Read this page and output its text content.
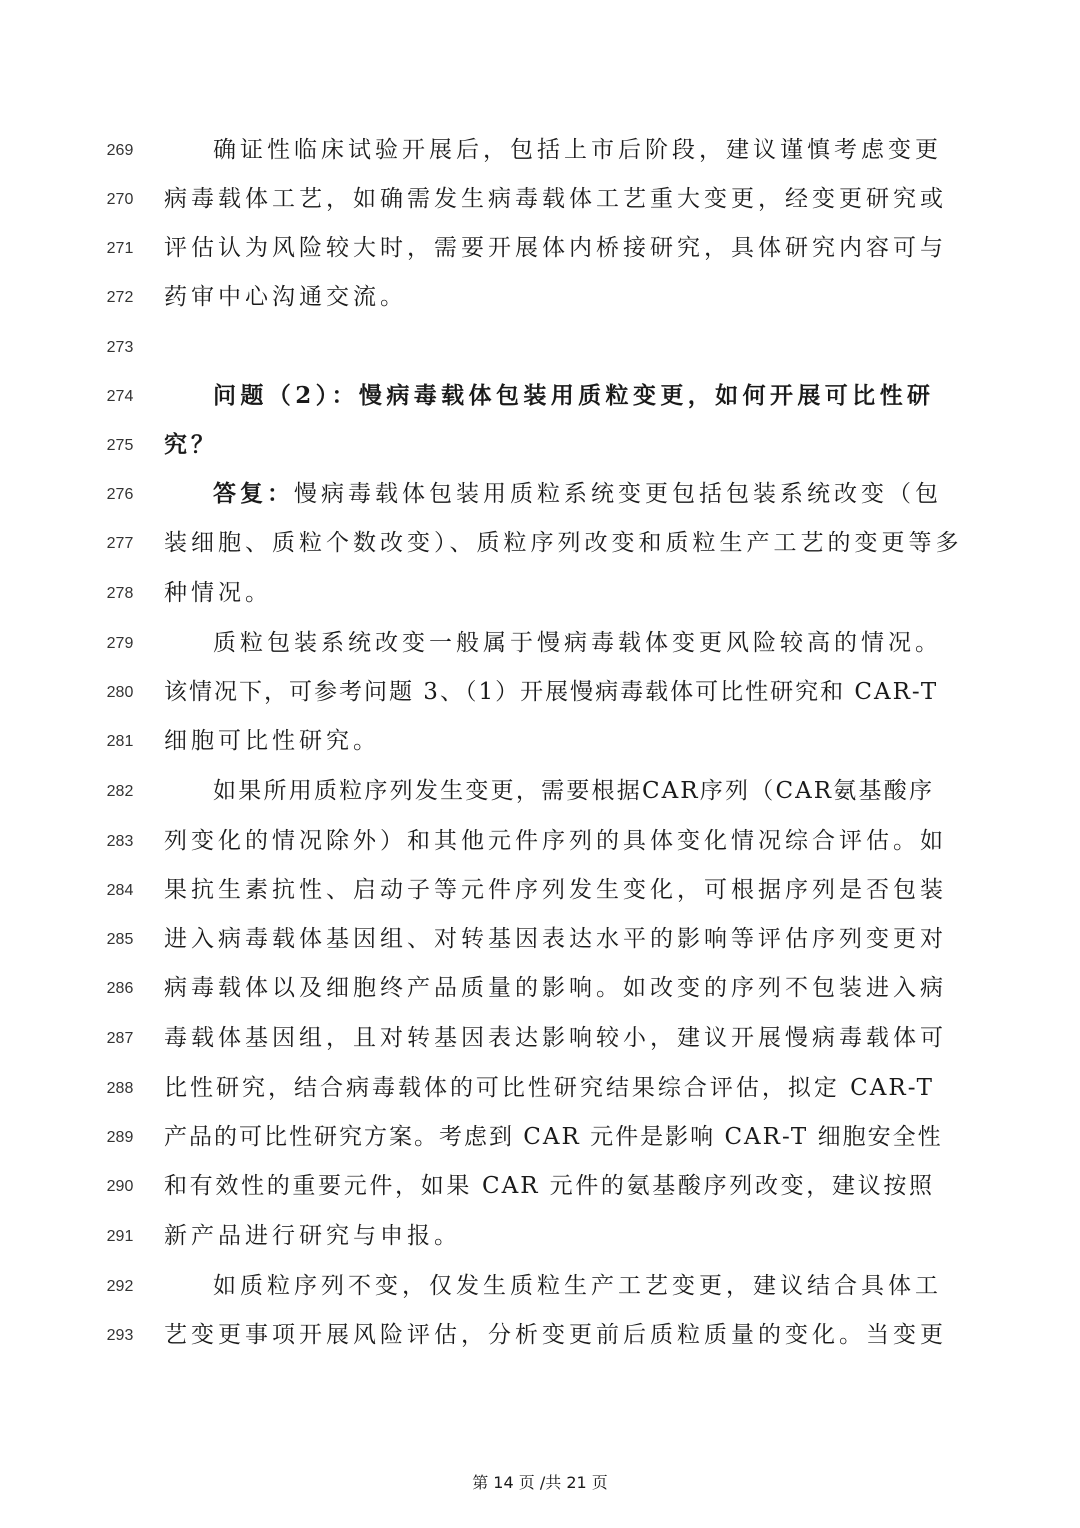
269	确证性临床试验开展后，包括上市后阶段，建议谨慎考虑变更
270 病毒载体工艺，如确需发生病毒载体工艺重大变更，经变更研究或
271 评估认为风险较大时，需要开展体内桥接研究，具体研究内容可与
272 药审中心沟通交流。
273
274	问题（2）：慢病毒载体包装用质粒变更，如何开展可比性研
275 究？
276	答复：慢病毒载体包装用质粒系统变更包括包装系统改变（包
277 装细胞、质粒个数改变）、质粒序列改变和质粒生产工艺的变更等多
278 种情况。
279	质粒包装系统改变一般属于慢病毒载体变更风险较高的情况。
280 该情况下，可参考问题 3、（1）开展慢病毒载体可比性研究和 CAR-T
281 细胞可比性研究。
282	如果所用质粒序列发生变更，需要根据CAR序列（CAR氨基酸序
283 列变化的情况除外）和其他元件序列的具体变化情况综合评估。如
284 果抗生素抗性、启动子等元件序列发生变化，可根据序列是否包装
285 进入病毒载体基因组、对转基因表达水平的影响等评估序列变更对
286 病毒载体以及细胞终产品质量的影响。如改变的序列不包装进入病
287 毒载体基因组，且对转基因表达影响较小，建议开展慢病毒载体可
288 比性研究，结合病毒载体的可比性研究结果综合评估，拟定 CAR-T
289 产品的可比性研究方案。考虑到 CAR 元件是影响 CAR-T 细胞安全性
290 和有效性的重要元件，如果 CAR 元件的氨基酸序列改变，建议按照
291 新产品进行研究与申报。
292	如质粒序列不变，仅发生质粒生产工艺变更，建议结合具体工
293 艺变更事项开展风险评估，分析变更前后质粒质量的变化。当变更
第 14 页 /共 21 页
